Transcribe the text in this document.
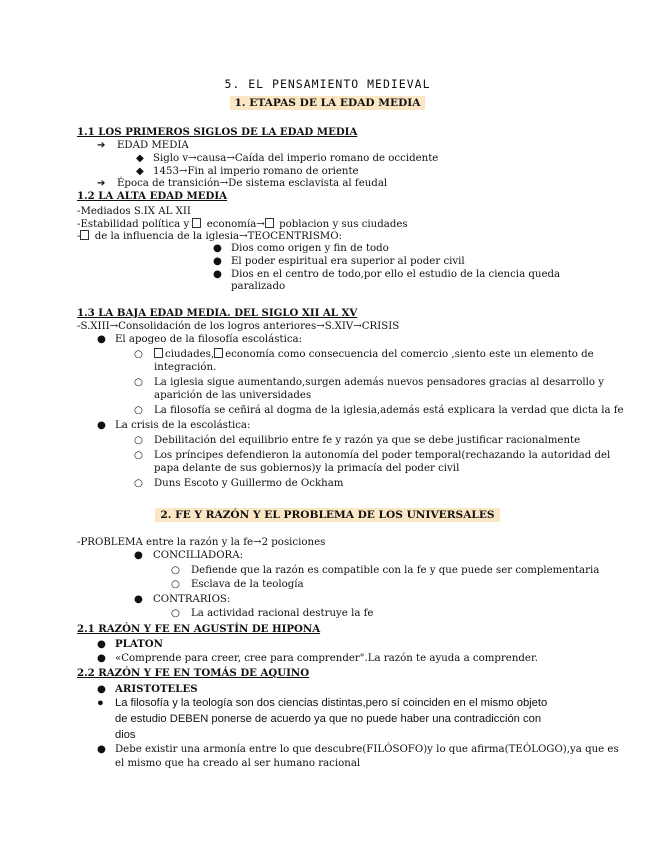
5. EL PENSAMIENTO MEDIEVAL
1. ETAPAS DE LA EDAD MEDIA
1.1 LOS PRIMEROS SIGLOS DE LA EDAD MEDIA
➔ EDAD MEDIA
◆ Siglo v→causa→Caída del imperio romano de occidente
◆ 1453→Fin al imperio romano de oriente
➔ Época de transición→De sistema esclavista al feudal
1.2 LA ALTA EDAD MEDIA
-Mediados S.IX AL XII
-Estabilidad política y  economía→ poblacion y sus ciudades
- de la influencia de la iglesia→TEOCENTRISMO:
● Dios como origen y fin de todo
● El poder espiritual era superior al poder civil
● Dios en el centro de todo,por ello el estudio de la ciencia queda
paralizado
1.3 LA BAJA EDAD MEDIA. DEL SIGLO XII AL XV
-S.XIII→Consolidación de los logros anteriores→S.XIV→CRISIS
● El apogeo de la filosofía escolástica:
○ ciudades, economía como consecuencia del comercio ,siento este un elemento de
integración.
○ La iglesia sigue aumentando,surgen además nuevos pensadores gracias al desarrollo y
aparición de las universidades
○ La filosofía se ceñirá al dogma de la iglesia,además está explicara la verdad que dicta la fe
● La crisis de la escolástica:
○ Debilitación del equilibrio entre fe y razón ya que se debe justificar racionalmente
○ Los príncipes defendieron la autonomía del poder temporal(rechazando la autoridad del
papa delante de sus gobiernos)y la primacía del poder civil
○ Duns Escoto y Guillermo de Ockham
2. FE Y RAZÓN Y EL PROBLEMA DE LOS UNIVERSALES
-PROBLEMA entre la razón y la fe→2 posiciones
● CONCILIADORA:
○ Defiende que la razón es compatible con la fe y que puede ser complementaria
○ Esclava de la teología
● CONTRARIOS:
○ La actividad racional destruye la fe
2.1 RAZÓN Y FE EN AGUSTÍN DE HIPONA
● PLATON
● «Comprende para creer, cree para comprender".La razón te ayuda a comprender.
2.2 RAZÓN Y FE EN TOMÁS DE AQUINO
● ARISTOTELES
● La filosofía y la teología son dos ciencias distintas,pero sí coinciden en el mismo objeto
de estudio DEBEN ponerse de acuerdo ya que no puede haber una contradicción con
dios
● Debe existir una armonía entre lo que descubre(FILÓSOFO)y lo que afirma(TEÓLOGO),ya que es
el mismo que ha creado al ser humano racional
